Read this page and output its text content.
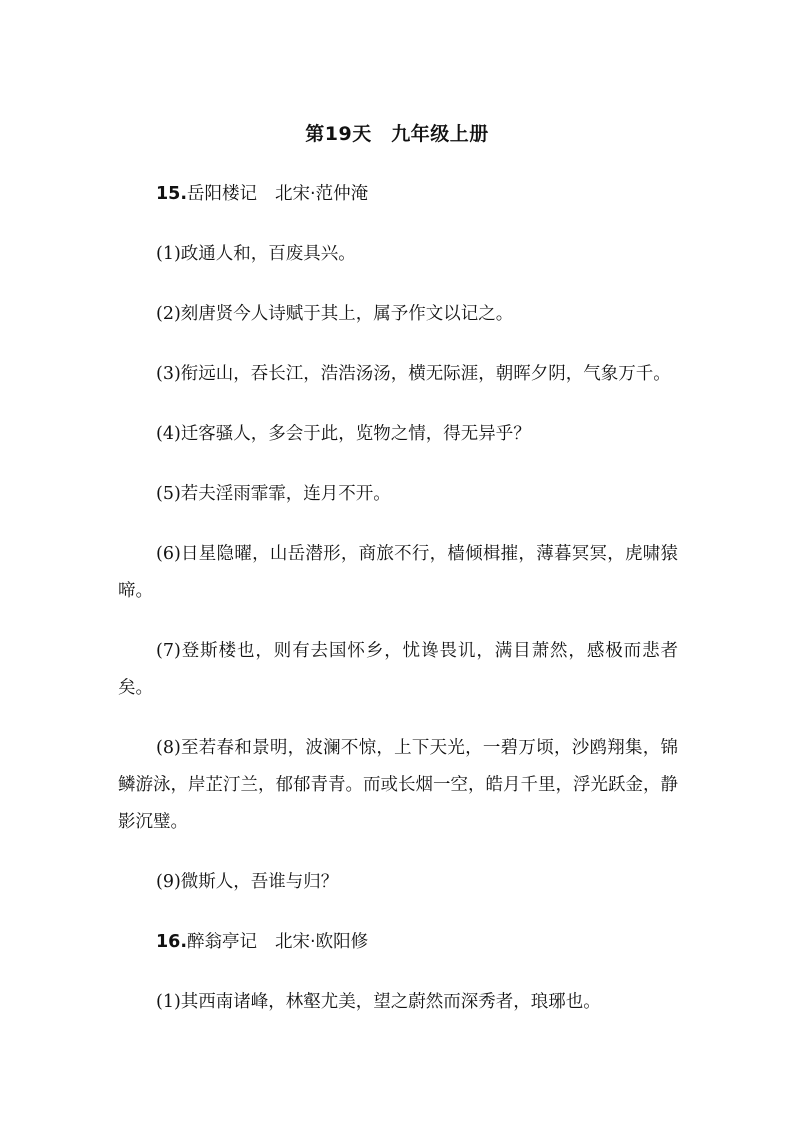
第19天　九年级上册
15.岳阳楼记 北宋·范仲淹
(1)政通人和，百废具兴。
(2)刻唐贤今人诗赋于其上，属予作文以记之。
(3)衔远山，吞长江，浩浩汤汤，横无际涯，朝晖夕阴，气象万千。
(4)迁客骚人，多会于此，览物之情，得无异乎？
(5)若夫淫雨霏霏，连月不开。
(6)日星隐曜，山岳潜形，商旅不行，樯倾楫摧，薄暮冥冥，虎啸猿啼。
(7)登斯楼也，则有去国怀乡，忧谗畏讥，满目萧然，感极而悲者矣。
(8)至若春和景明，波澜不惊，上下天光，一碧万顷，沙鸥翔集，锦鳞游泳，岸芷汀兰，郁郁青青。而或长烟一空，皓月千里，浮光跃金，静影沉璧。
(9)微斯人，吾谁与归？
16.醉翁亭记 北宋·欧阳修
(1)其西南诸峰，林壑尤美，望之蔚然而深秀者，琅琊也。
